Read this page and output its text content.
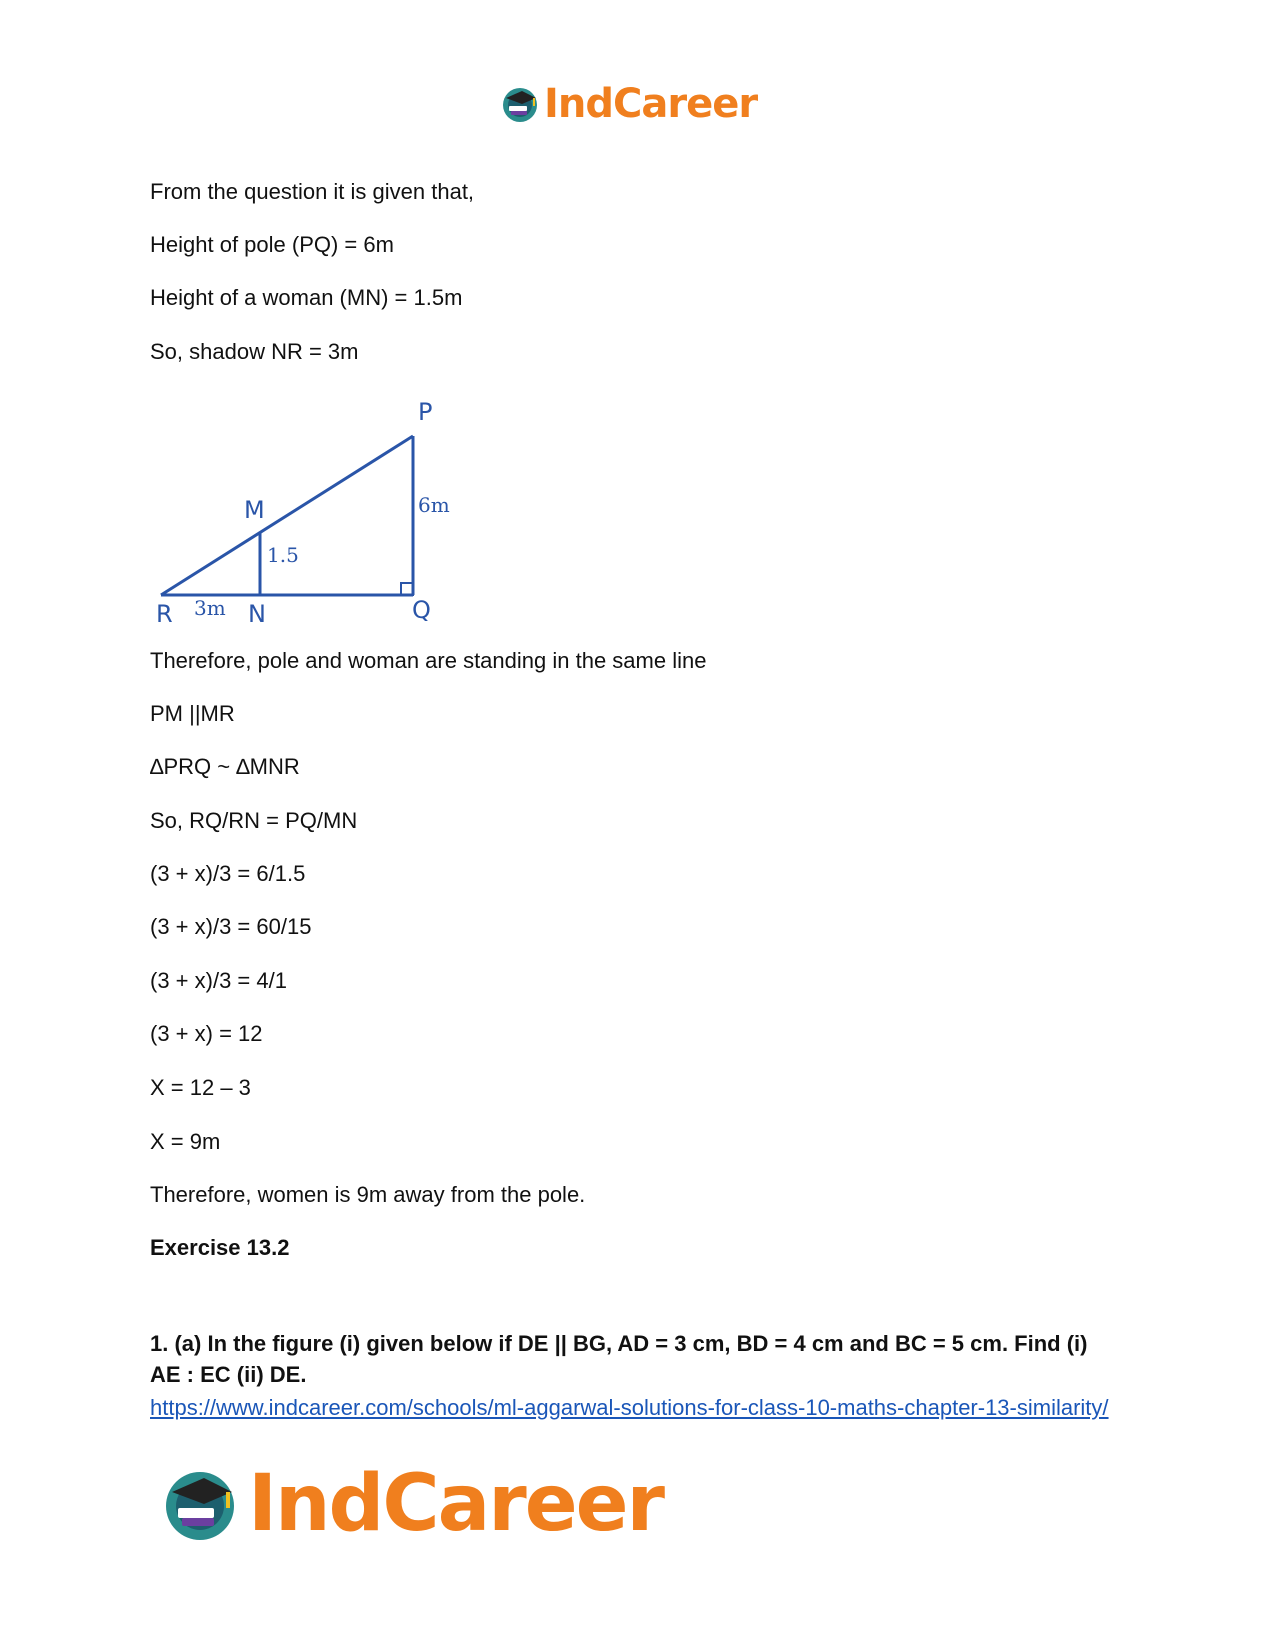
IndCareer
From the question it is given that,
Height of pole (PQ) = 6m
Height of a woman (MN) = 1.5m
So, shadow NR = 3m
P
M
R	N	Q
6m
1.5
3m
Therefore, pole and woman are standing in the same line
PM ||MR
∆PRQ ~ ∆MNR
So, RQ/RN = PQ/MN
(3 + x)/3 = 6/1.5
(3 + x)/3 = 60/15
(3 + x)/3 = 4/1
(3 + x) = 12
X = 12 – 3
X = 9m
Therefore, women is 9m away from the pole.
Exercise 13.2
1. (a) In the figure (i) given below if DE || BG, AD = 3 cm, BD = 4 cm and BC = 5 cm. Find (i) AE : EC (ii) DE.
https://www.indcareer.com/schools/ml-aggarwal-solutions-for-class-10-maths-chapter-13-similarity/
IndCareer
